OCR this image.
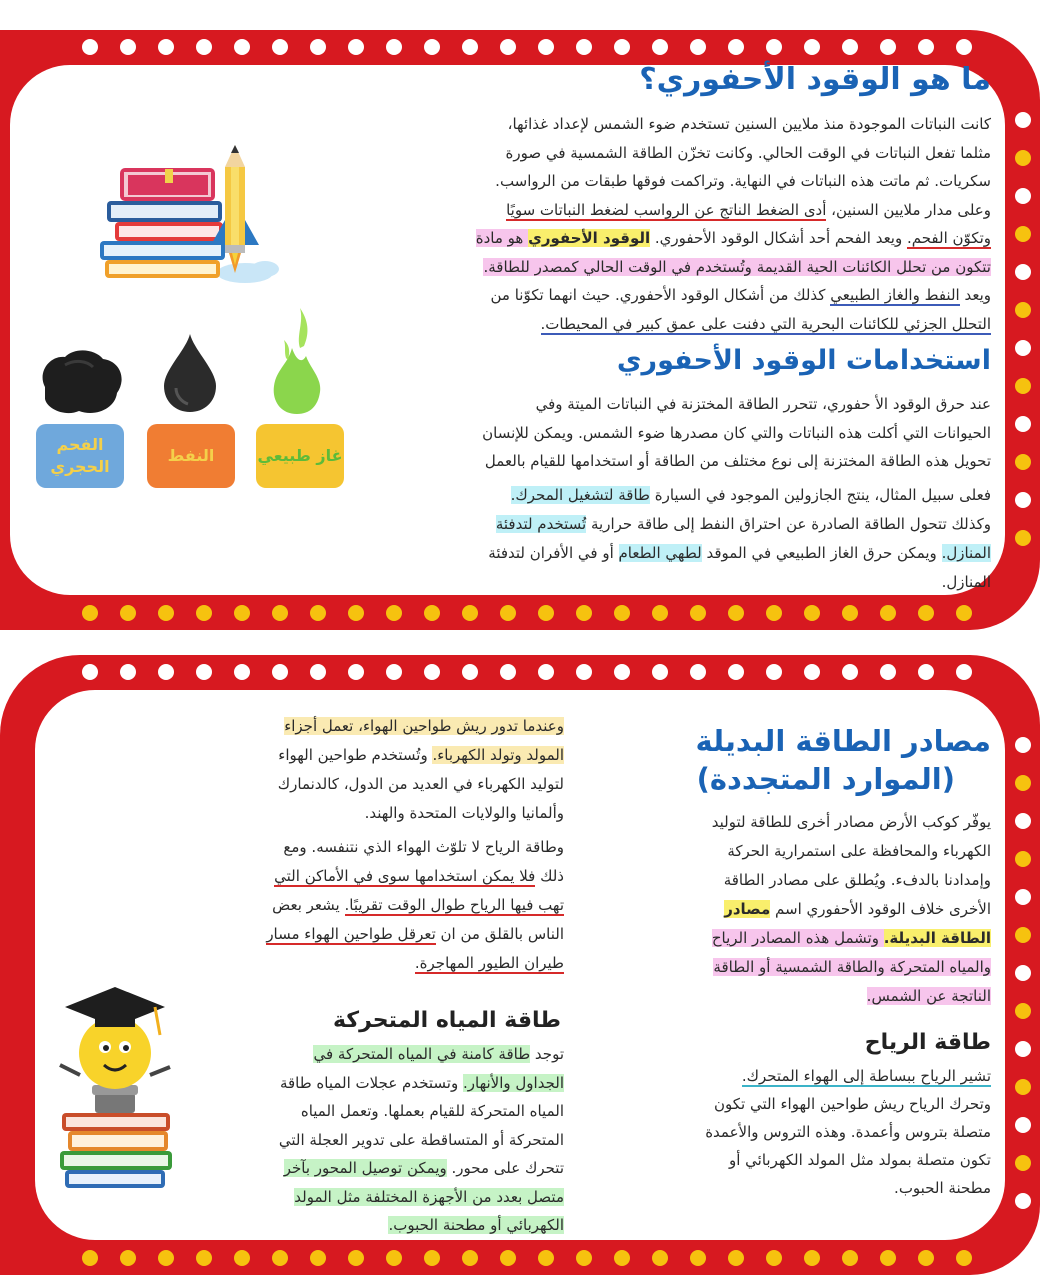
ما هو الوقود الأحفوري؟
كانت النباتات الموجودة منذ ملايين السنين تستخدم ضوء الشمس لإعداد غذائها،
مثلما تفعل النباتات في الوقت الحالي. وكانت تخزّن الطاقة الشمسية في صورة
سكريات. ثم ماتت هذه النباتات في النهاية. وتراكمت فوقها طبقات من الرواسب.
وعلى مدار ملايين السنين، أدى الضغط الناتج عن الرواسب لضغط النباتات سويًا
وتكوّن الفحم. ويعد الفحم أحد أشكال الوقود الأحفوري. الوقود الأحفوري هو مادة
تتكون من تحلل الكائنات الحية القديمة وتُستخدم في الوقت الحالي كمصدر للطاقة.
ويعد النفط والغاز الطبيعي كذلك من أشكال الوقود الأحفوري. حيث انهما تكوّنا من
التحلل الجزئي للكائنات البحرية التي دفنت على عمق كبير في المحيطات.
استخدامات الوقود الأحفوري
عند حرق الوقود الأ حفوري، تتحرر الطاقة المختزنة في النباتات الميتة وفي
الحيوانات التي أكلت هذه النباتات والتي كان مصدرها ضوء الشمس. ويمكن للإنسان
تحويل هذه الطاقة المختزنة إلى نوع مختلف من الطاقة أو استخدامها للقيام بالعمل
فعلى سبيل المثال، ينتج الجازولين الموجود في السيارة طاقة لتشغيل المحرك.
وكذلك تتحول الطاقة الصادرة عن احتراق النفط إلى طاقة حرارية تُستخدم لتدفئة
المنازل. ويمكن حرق الغاز الطبيعي في الموقد لطهي الطعام أو في الأفران لتدفئة
المنازل.
الفحم الحجري
النفط	غاز طبيعي
مصادر الطاقة البديلة
(الموارد المتجددة)
يوفّر كوكب الأرض مصادر أخرى للطاقة لتوليد
الكهرباء والمحافظة على استمرارية الحركة
وإمدادنا بالدفء. ويُطلق على مصادر الطاقة
الأخرى خلاف الوقود الأحفوري اسم مصادر
الطاقة البديلة. وتشمل هذه المصادر الرياح
والمياه المتحركة والطاقة الشمسية أو الطاقة
الناتجة عن الشمس.
طاقة الرياح
تشير الرياح ببساطة إلى الهواء المتحرك.
وتحرك الرياح ريش طواحين الهواء التي تكون
متصلة بتروس وأعمدة. وهذه التروس والأعمدة
تكون متصلة بمولد مثل المولد الكهربائي أو
مطحنة الحبوب.
وعندما تدور ريش طواحين الهواء، تعمل أجزاء
المولد وتولد الكهرباء. وتُستخدم طواحين الهواء
لتوليد الكهرباء في العديد من الدول، كالدنمارك
وألمانيا والولايات المتحدة والهند.
وطاقة الرياح لا تلوّث الهواء الذي نتنفسه. ومع
ذلك فلا يمكن استخدامها سوى في الأماكن التي
تهب فيها الرياح طوال الوقت تقريبًا. يشعر بعض
الناس بالقلق من ان تعرقل طواحين الهواء مسار
طيران الطيور المهاجرة.
طاقة المياه المتحركة
توجد طاقة كامنة في المياه المتحركة في
الجداول والأنهار. وتستخدم عجلات المياه طاقة
المياه المتحركة للقيام بعملها. وتعمل المياه
المتحركة أو المتساقطة على تدوير العجلة التي
تتحرك على محور. ويمكن توصيل المحور بآخر
متصل بعدد من الأجهزة المختلفة مثل المولد
الكهربائي أو مطحنة الحبوب.
